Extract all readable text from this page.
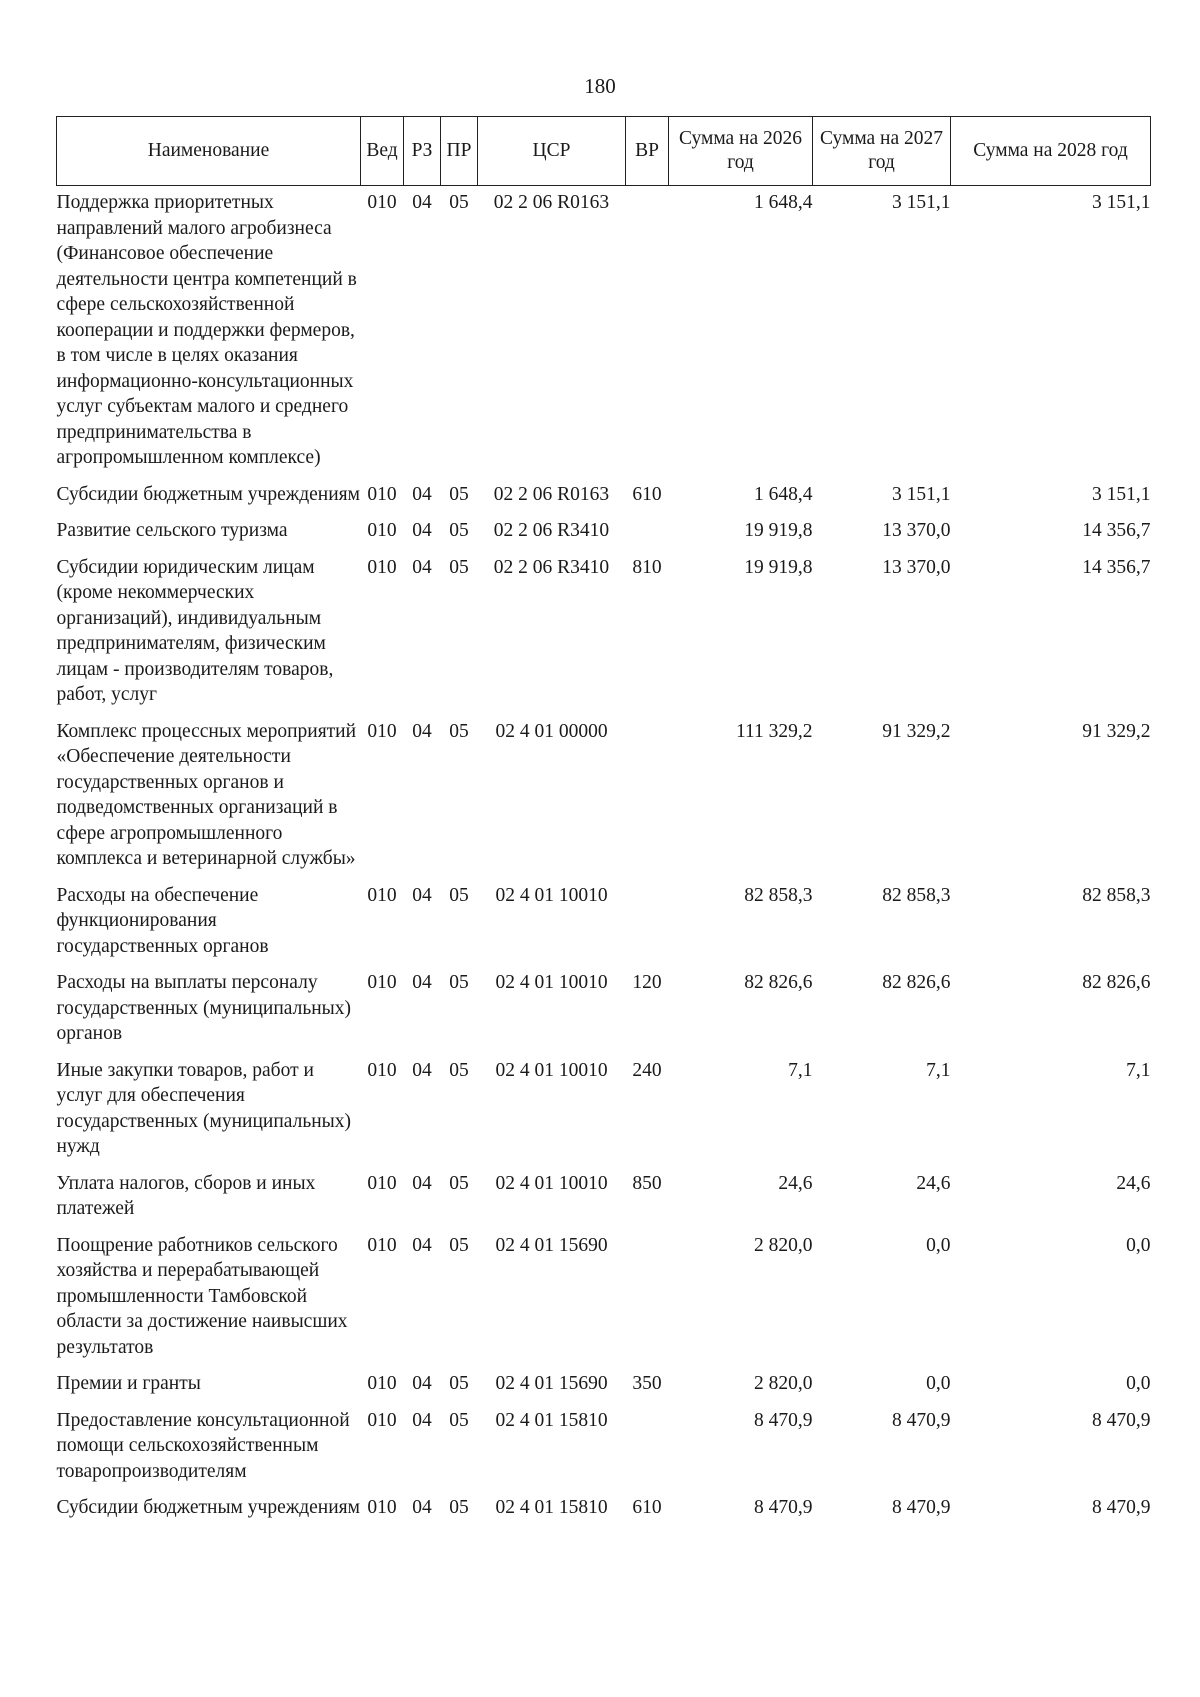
180
Наименование	Вед	РЗ	ПР	ЦСР	ВР	Сумма на 2026 год	Сумма на 2027 год	Сумма на 2028 год
Поддержка приоритетных направлений малого агробизнеса (Финансовое обеспечение деятельности центра компетенций в сфере сельскохозяйственной кооперации и поддержки фермеров, в том числе в целях оказания информационно-консультационных услуг субъектам малого и среднего предпринимательства в агропромышленном комплексе)	010	04	05	02 2 06 R0163		1 648,4	3 151,1	3 151,1
Субсидии бюджетным учреждениям	010	04	05	02 2 06 R0163	610	1 648,4	3 151,1	3 151,1
Развитие сельского туризма	010	04	05	02 2 06 R3410		19 919,8	13 370,0	14 356,7
Субсидии юридическим лицам (кроме некоммерческих организаций), индивидуальным предпринимателям, физическим лицам - производителям товаров, работ, услуг	010	04	05	02 2 06 R3410	810	19 919,8	13 370,0	14 356,7
Комплекс процессных мероприятий «Обеспечение деятельности государственных органов и подведомственных организаций в сфере агропромышленного комплекса и ветеринарной службы»	010	04	05	02 4 01 00000		111 329,2	91 329,2	91 329,2
Расходы на обеспечение функционирования государственных органов	010	04	05	02 4 01 10010		82 858,3	82 858,3	82 858,3
Расходы на выплаты персоналу государственных (муниципальных) органов	010	04	05	02 4 01 10010	120	82 826,6	82 826,6	82 826,6
Иные закупки товаров, работ и услуг для обеспечения государственных (муниципальных) нужд	010	04	05	02 4 01 10010	240	7,1	7,1	7,1
Уплата налогов, сборов и иных платежей	010	04	05	02 4 01 10010	850	24,6	24,6	24,6
Поощрение работников сельского хозяйства и перерабатывающей промышленности Тамбовской области за достижение наивысших результатов	010	04	05	02 4 01 15690		2 820,0	0,0	0,0
Премии и гранты	010	04	05	02 4 01 15690	350	2 820,0	0,0	0,0
Предоставление консультационной помощи сельскохозяйственным товаропроизводителям	010	04	05	02 4 01 15810		8 470,9	8 470,9	8 470,9
Субсидии бюджетным учреждениям	010	04	05	02 4 01 15810	610	8 470,9	8 470,9	8 470,9
